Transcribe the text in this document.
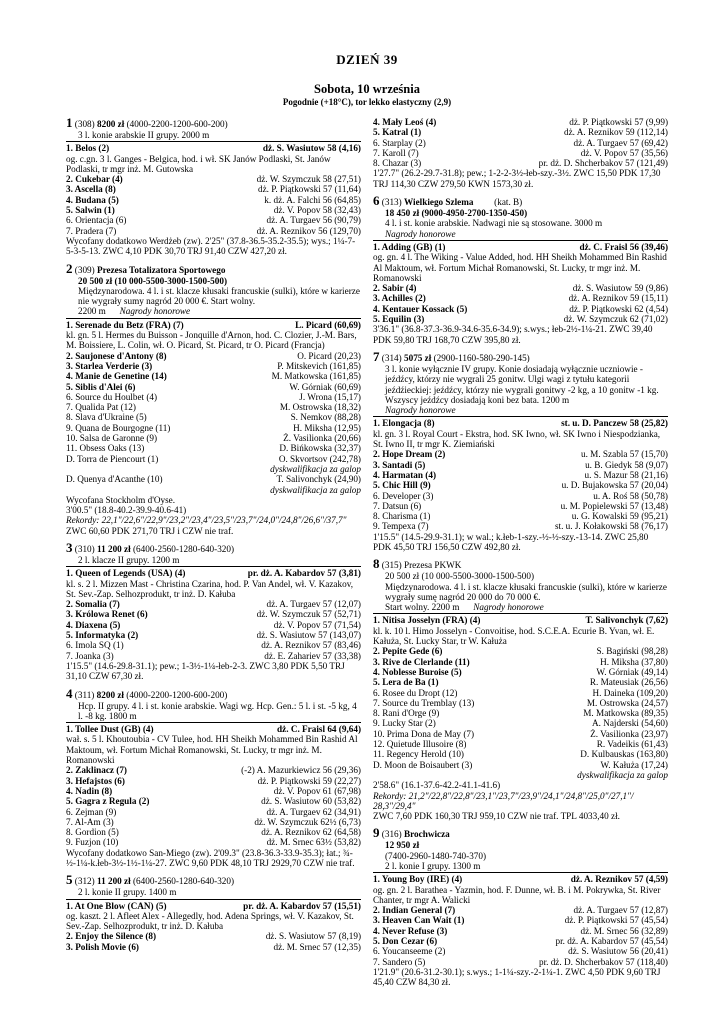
DZIEŃ 39
Sobota, 10 września
Pogodnie (+18°C), tor lekko elastyczny (2,9)
1 (308) 8200 zł (4000-2200-1200-600-200)
3 l. konie arabskie II grupy. 2000 m
1. Belos (2)	dż. S. Wasiutow 58 (4,16)
og. c.gn. 3 l. Ganges - Belgica, hod. i wł. SK Janów Podlaski, St. Janów Podlaski, tr mgr inż. M. Gutowska
2. Cukebar (4)	dż. W. Szymczuk 58 (27,51)
3. Ascella (8)	dż. P. Piątkowski 57 (11,64)
4. Budana (5)	k. dż. A. Falchi 56 (64,85)
5. Salwin (1)	dż. V. Popov 58 (32,43)
6. Orientacja (6)	dż. A. Turgaev 56 (90,79)
7. Pradera (7)	dż. A. Reznikov 56 (129,70)
Wycofany dodatkowo Werdżeb (zw). 2'25" (37.8-36.5-35.2-35.5); wys.; 1¼-7-5-3-5-13. ZWC 4,10 PDK 30,70 TRJ 91,40 CZW 427,20 zł.
2 (309) Prezesa Totalizatora Sportowego
20 500 zł (10 000-5500-3000-1500-500)
Międzynarodowa. 4 l. i st. klacze kłusaki francuskie (sulki), które w karierze nie wygrały sumy nagród 20 000 €. Start wolny.
2200 m Nagrody honorowe
1. Serenade du Betz (FRA) (7)	L. Picard (60,69)
kl. gn. 5 l. Hermes du Buisson - Jonquille d'Arnon, hod. C. Clozier, J.-M. Bars, M. Boissiere, L. Colin, wł. O. Picard, St. Picard, tr O. Picard (Francja)
2. Saujonese d'Antony (8)	O. Picard (20,23)
3. Starlea Verderie (3)	P. Mitskevich (161,85)
4. Manie de Genetine (14)	M. Matkowska (161,85)
5. Siblis d'Alei (6)	W. Górniak (60,69)
6. Source du Houlbet (4)	J. Wrona (15,17)
7. Qualida Pat (12)	M. Ostrowska (18,32)
8. Slava d'Ukraine (5)	S. Nemkov (88,28)
9. Quana de Bourgogne (11)	H. Miksha (12,95)
10. Salsa de Garonne (9)	Ż. Vasilionka (20,66)
11. Obsess Oaks (13)	D. Bińkowska (32,37)
D. Torra de Piencourt (1)	O. Skvortsov (242,78)
dyskwalifikacja za galop
D. Quenya d'Acanthe (10)	T. Salivonchyk (24,90)
dyskwalifikacja za galop
Wycofana Stockholm d'Oyse.
3'00.5" (18.8-40.2-39.9-40.6-41)
Rekordy: 22,1"/22,6"/22,9"/23,2"/23,4"/23,5"/23,7"/24,0"/24,8"/26,6"/37,7"
ZWC 60,60 PDK 271,70 TRJ i CZW nie traf.
3 (310) 11 200 zł (6400-2560-1280-640-320)
2 l. klacze II grupy. 1200 m
1. Queen of Legends (USA) (4)	pr. dż. A. Kabardov 57 (3,81)
kl. s. 2 l. Mizzen Mast - Christina Czarina, hod. P. Van Andel, wł. V. Kazakov, St. Sev.-Zap. Selhozprodukt, tr inż. D. Kałuba
2. Somalia (7)	dż. A. Turgaev 57 (12,07)
3. Królowa Renet (6)	dż. W. Szymczuk 57 (52,71)
4. Diaxena (5)	dż. V. Popov 57 (71,54)
5. Informatyka (2)	dż. S. Wasiutow 57 (143,07)
6. Imola SQ (1)	dż. A. Reznikov 57 (83,46)
7. Joanka (3)	dż. E. Zahariev 57 (33,38)
1'15.5" (14.6-29.8-31.1); pew.; 1-3½-1¼-łeb-2-3. ZWC 3,80 PDK 5,50 TRJ 31,10 CZW 67,30 zł.
4 (311) 8200 zł (4000-2200-1200-600-200)
Hcp. II grupy. 4 l. i st. konie arabskie. Wagi wg. Hcp. Gen.: 5 l. i st. -5 kg, 4 l. -8 kg. 1800 m
1. Tollee Dust (GB) (4)	dż. C. Fraisl 64 (9,64)
wał. s. 5 l. Khoutoubia - CV Tulee, hod. HH Sheikh Mohammed Bin Rashid Al Maktoum, wł. Fortum Michał Romanowski, St. Lucky, tr mgr inż. M. Romanowski
2. Zaklinacz (7)	(-2) A. Mazurkiewicz 56 (29,36)
3. Hefajstos (6)	dż. P. Piątkowski 59 (22,27)
4. Nadin (8)	dż. V. Popov 61 (67,98)
5. Gagra z Regula (2)	dż. S. Wasiutow 60 (53,82)
6. Zejman (9)	dż. A. Turgaev 62 (34,91)
7. Al-Am (3)	dż. W. Szymczuk 62½ (6,73)
8. Gordion (5)	dż. A. Reznikov 62 (64,58)
9. Fuzjon (10)	dż. M. Srnec 63½ (53,82)
Wycofany dodatkowo San-Miego (zw). 2'09.3" (23.8-36.3-33.9-35.3); łat.; ¾-½-1¼-k.łeb-3½-1½-1¼-27. ZWC 9,60 PDK 48,10 TRJ 2929,70 CZW nie traf.
5 (312) 11 200 zł (6400-2560-1280-640-320)
2 l. konie II grupy. 1400 m
1. At One Blow (CAN) (5)	pr. dż. A. Kabardov 57 (15,51)
og. kaszt. 2 l. Afleet Alex - Allegedly, hod. Adena Springs, wł. V. Kazakov, St. Sev.-Zap. Selhozprodukt, tr inż. D. Kałuba
2. Enjoy the Silence (8)	dż. S. Wasiutow 57 (8,19)
3. Polish Movie (6)	dż. M. Srnec 57 (12,35)
4. Mały Leoś (4)	dż. P. Piątkowski 57 (9,99)
5. Katral (1)	dż. A. Reznikov 59 (112,14)
6. Starplay (2)	dż. A. Turgaev 57 (69,42)
7. Karoll (7)	dż. V. Popov 57 (35,56)
8. Chazar (3)	pr. dż. D. Shcherbakov 57 (121,49)
1'27.7" (26.2-29.7-31.8); pew.; 1-2-2-3½-łeb-szy.-3½. ZWC 15,50 PDK 17,30 TRJ 114,30 CZW 279,50 KWN 1573,30 zł.
6 (313) Wielkiego Szlema (kat. B)
18 450 zł (9000-4950-2700-1350-450)
4 l. i st. konie arabskie. Nadwagi nie są stosowane. 3000 m
Nagrody honorowe
1. Adding (GB) (1)	dż. C. Fraisl 56 (39,46)
og. gn. 4 l. The Wiking - Value Added, hod. HH Sheikh Mohammed Bin Rashid Al Maktoum, wł. Fortum Michał Romanowski, St. Lucky, tr mgr inż. M. Romanowski
2. Sabir (4)	dż. S. Wasiutow 59 (9,86)
3. Achilles (2)	dż. A. Reznikov 59 (15,11)
4. Kentauer Kossack (5)	dż. P. Piątkowski 62 (4,54)
5. Equilin (3)	dż. W. Szymczuk 62 (71,02)
3'36.1" (36.8-37.3-36.9-34.6-35.6-34.9); s.wys.; łeb-2½-1¼-21. ZWC 39,40 PDK 59,80 TRJ 168,70 CZW 395,80 zł.
7 (314) 5075 zł (2900-1160-580-290-145)
3 l. konie wyłącznie IV grupy. Konie dosiadają wyłącznie uczniowie - jeźdźcy, którzy nie wygrali 25 gonitw. Ulgi wagi z tytułu kategorii jeźdźieckiej: jeźdźcy, którzy nie wygrali gonitwy -2 kg, a 10 gonitw -1 kg. Wszyscy jeźdźcy dosiadają koni bez bata. 1200 m
Nagrody honorowe
1. Elongacja (8)	st. u. D. Panczew 58 (25,82)
kl. gn. 3 l. Royal Court - Ekstra, hod. SK Iwno, wł. SK Iwno i Niespodzianka, St. Iwno II, tr mgr K. Ziemiański
2. Hope Dream (2)	u. M. Szabla 57 (15,70)
3. Santadi (5)	u. B. Giedyk 58 (9,07)
4. Harmatan (4)	u. S. Mazur 58 (21,16)
5. Chic Hill (9)	u. D. Bujakowska 57 (20,04)
6. Developer (3)	u. A. Roś 58 (50,78)
7. Datsun (6)	u. M. Popielewski 57 (13,48)
8. Charisma (1)	u. G. Kowalski 59 (95,21)
9. Tempexa (7)	st. u. J. Kołakowski 58 (76,17)
1'15.5" (14.5-29.9-31.1); w wal.; k.łeb-1-szy.-½-½-szy.-13-14. ZWC 25,80 PDK 45,50 TRJ 156,50 CZW 492,80 zł.
8 (315) Prezesa PKWK
20 500 zł (10 000-5500-3000-1500-500)
Międzynarodowa. 4 l. i st. klacze kłusaki francuskie (sulki), które w karierze wygrały sumę nagród 20 000 do 70 000 €.
Start wolny. 2200 m Nagrody honorowe
1. Nitisa Josselyn (FRA) (4)	T. Salivonchyk (7,62)
kl. k. 10 l. Himo Josselyn - Convoitise, hod. S.C.E.A. Ecurie B. Yvan, wł. E. Kałuża, St. Lucky Star, tr W. Kałuża
2. Pepite Gede (6)	S. Bagiński (98,28)
3. Rive de Clerlande (11)	H. Miksha (37,80)
4. Noblesse Buroise (5)	W. Górniak (49,14)
5. Lera de Ba (1)	R. Mateusiak (26,56)
6. Rosee du Dropt (12)	H. Daineka (109,20)
7. Source du Tremblay (13)	M. Ostrowska (24,57)
8. Rani d'Orge (9)	M. Matkowska (89,35)
9. Lucky Star (2)	A. Najderski (54,60)
10. Prima Dona de May (7)	Ż. Vasilionka (23,97)
12. Quietude Illusoire (8)	R. Vadeikis (61,43)
11. Regency Herold (10)	D. Kulbauskas (163,80)
D. Moon de Boisaubert (3)	W. Kałuża (17,24)
dyskwalifikacja za galop
2'58.6" (16.1-37.6-42.2-41.1-41.6)
Rekordy: 21,2"/22,8"/22,8"/23,1"/23,7"/23,9"/24,1"/24,8"/25,0"/27,1"/ 28,3"/29,4"
ZWC 7,60 PDK 160,30 TRJ 959,10 CZW nie traf. TPL 4033,40 zł.
9 (316) Brochwicza
12 950 zł
(7400-2960-1480-740-370)
2 l. konie I grupy. 1300 m
1. Young Boy (IRE) (4)	dż. A. Reznikov 57 (4,59)
og. gn. 2 l. Barathea - Yazmin, hod. F. Dunne, wł. B. i M. Pokrywka, St. River Chanter, tr mgr A. Walicki
2. Indian General (7)	dż. A. Turgaev 57 (12,87)
3. Heaven Can Wait (1)	dż. P. Piątkowski 57 (45,54)
4. Never Refuse (3)	dż. M. Srnec 56 (32,89)
5. Don Cezar (6)	pr. dż. A. Kabardov 57 (45,54)
6. Youcanseeme (2)	dż. S. Wasiutow 56 (20,41)
7. Sandero (5)	pr. dż. D. Shcherbakov 57 (118,40)
1'21.9" (20.6-31.2-30.1); s.wys.; 1-1¼-szy.-2-1¼-1. ZWC 4,50 PDK 9,60 TRJ 45,40 CZW 84,30 zł.
